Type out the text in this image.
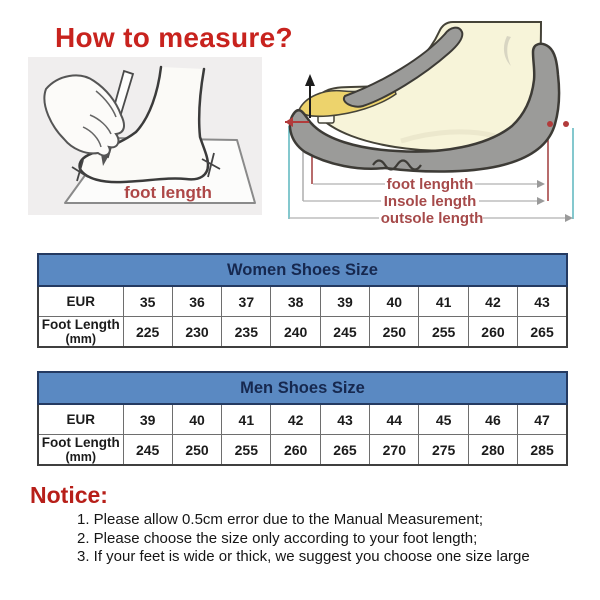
How to measure?
foot length	foot lenghth
Insole length
outsole length
Women Shoes Size									
EUR	35	36	37	38	39	40	41	42	43

Foot Length
(mm)	225	230	235	240	245	250	255	260	265
Men Shoes Size									
EUR	39	40	41	42	43	44	45	46	47

Foot Length
(mm)	245	250	255	260	265	270	275	280	285
Notice:
1. Please allow 0.5cm error due to the Manual Measurement;
2. Please choose the size only according to your foot length;
3. If your feet is wide or thick, we suggest you choose one size large
